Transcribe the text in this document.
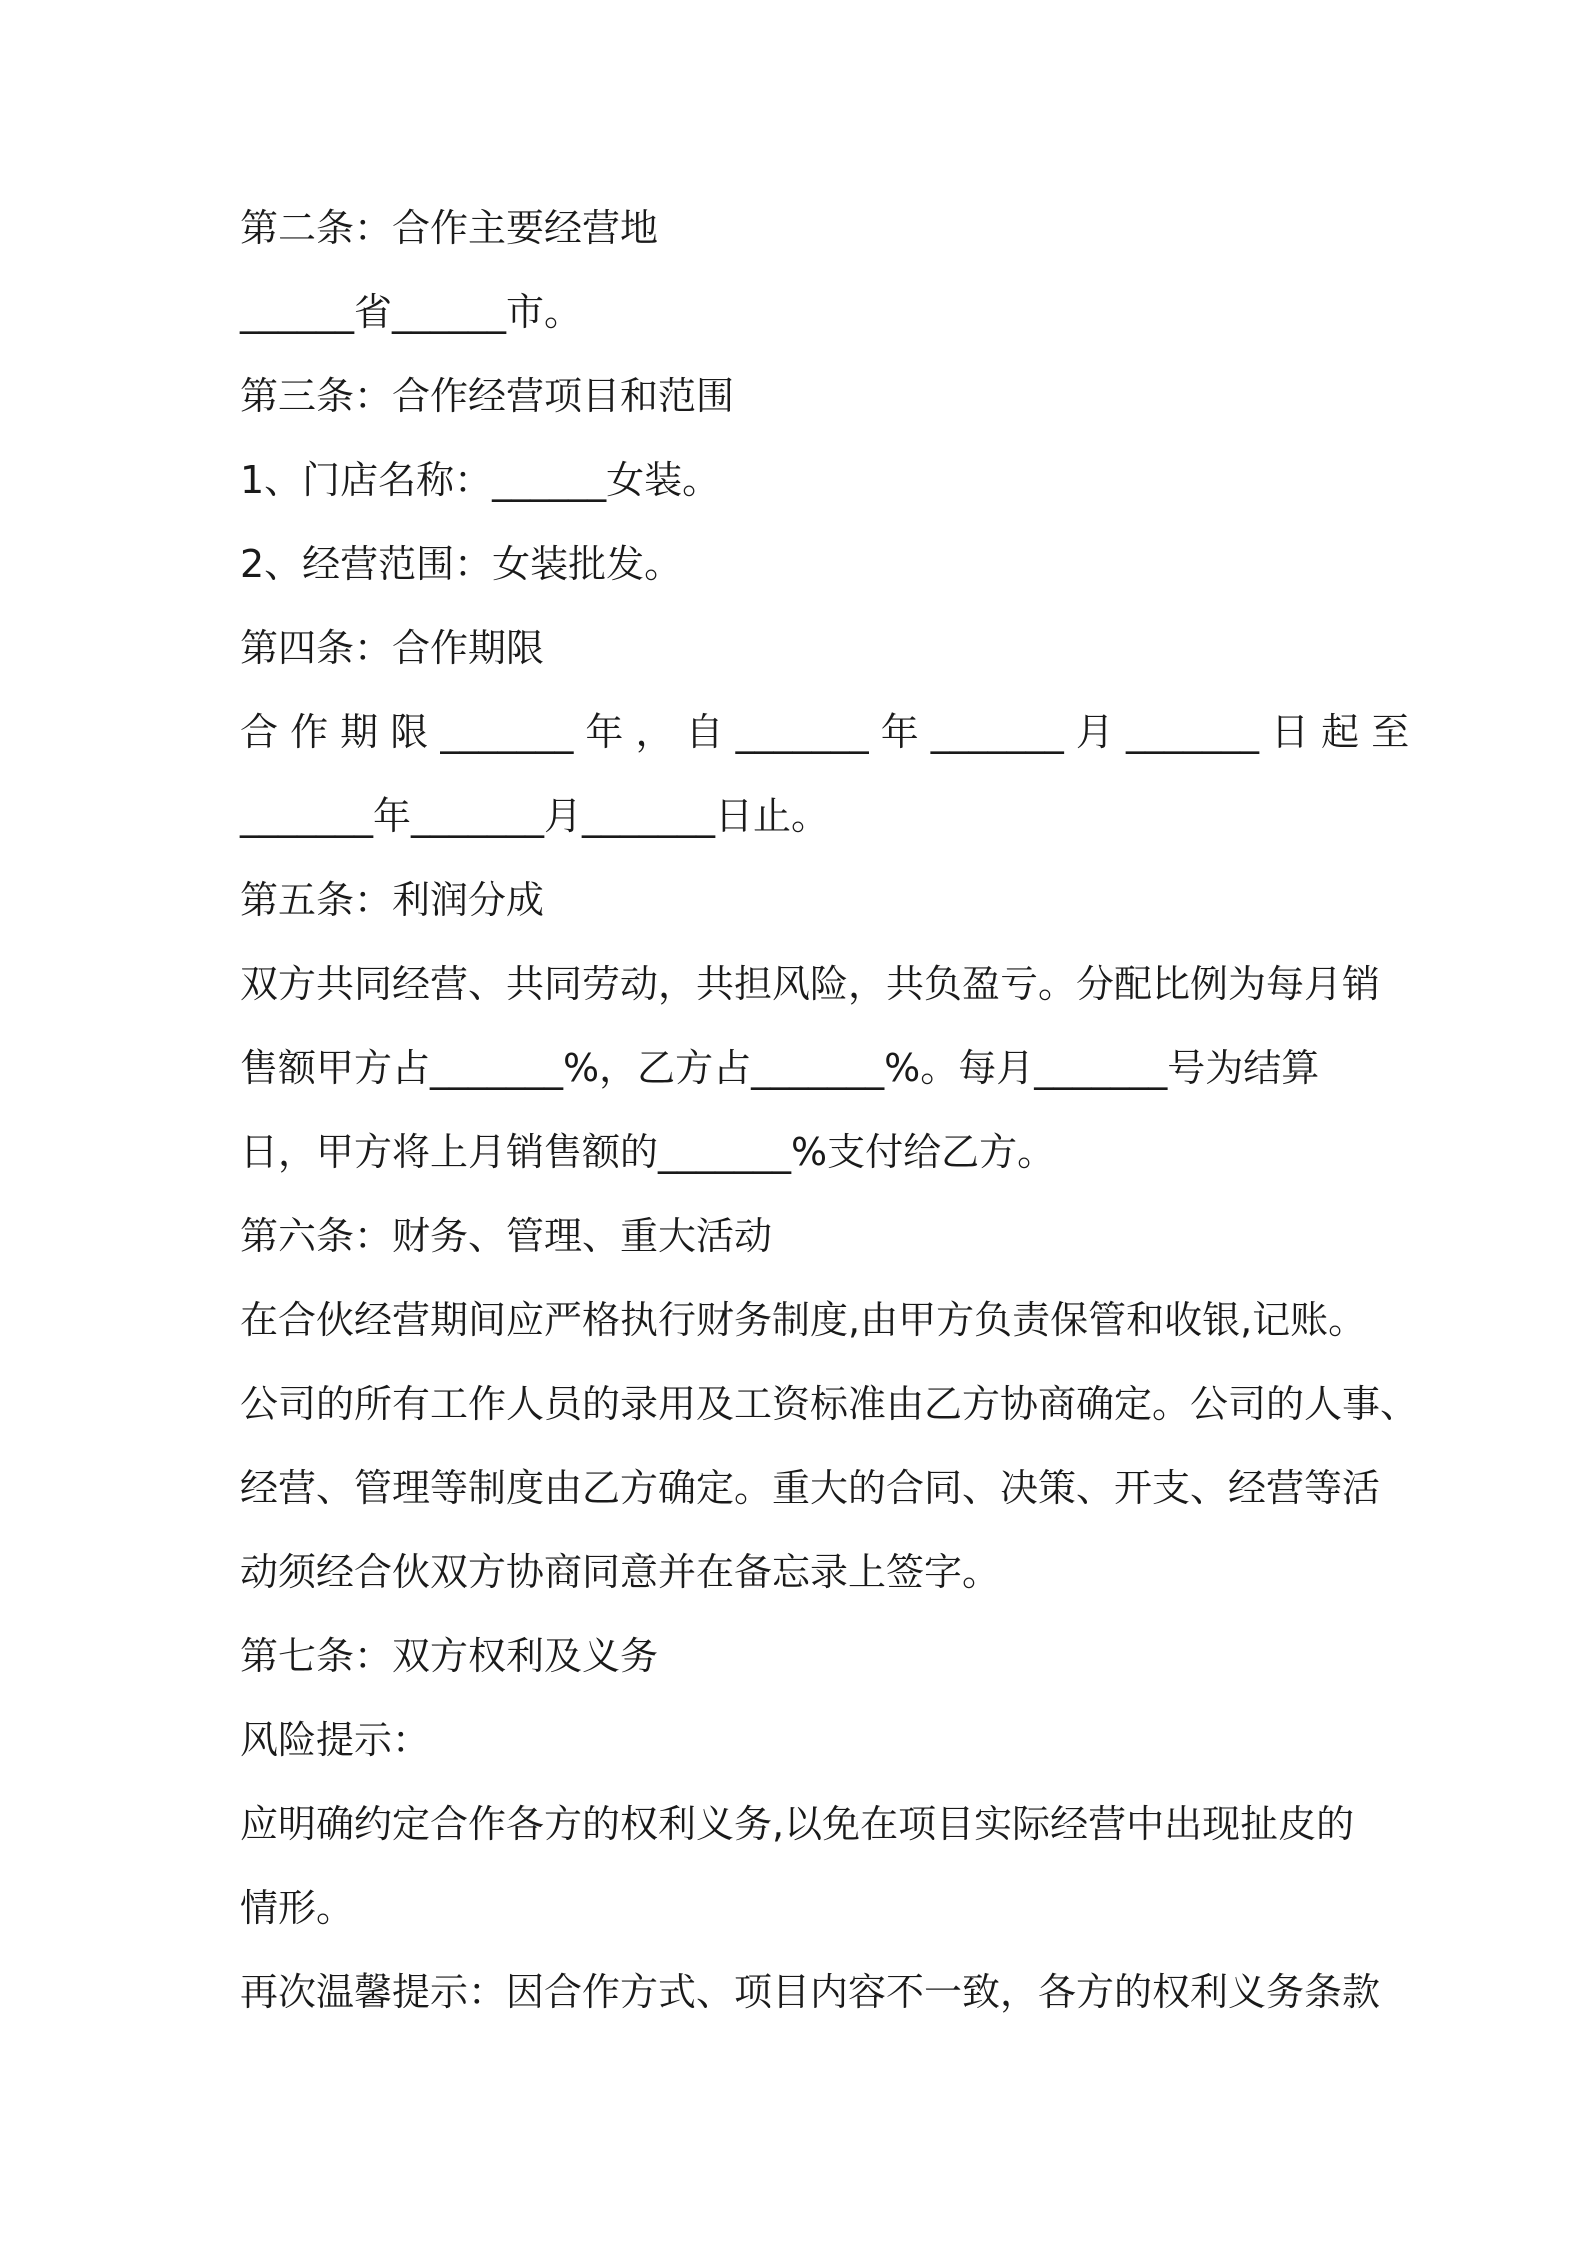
第二条：合作主要经营地
______省______市。
第三条：合作经营项目和范围
1、门店名称：______女装。
2、经营范围：女装批发。
第四条：合作期限
合 作 期 限 _______ 年 ， 自 _______ 年 _______ 月 _______ 日 起 至
_______年_______月_______日止。
第五条：利润分成
双方共同经营、共同劳动，共担风险，共负盈亏。分配比例为每月销
售额甲方占_______%，乙方占_______%。每月_______号为结算
日，甲方将上月销售额的_______%支付给乙方。
第六条：财务、管理、重大活动
在合伙经营期间应严格执行财务制度,由甲方负责保管和收银,记账。
公司的所有工作人员的录用及工资标准由乙方协商确定。公司的人事、
经营、管理等制度由乙方确定。重大的合同、决策、开支、经营等活
动须经合伙双方协商同意并在备忘录上签字。
第七条：双方权利及义务
风险提示：
应明确约定合作各方的权利义务,以免在项目实际经营中出现扯皮的
情形。
再次温馨提示：因合作方式、项目内容不一致，各方的权利义务条款
